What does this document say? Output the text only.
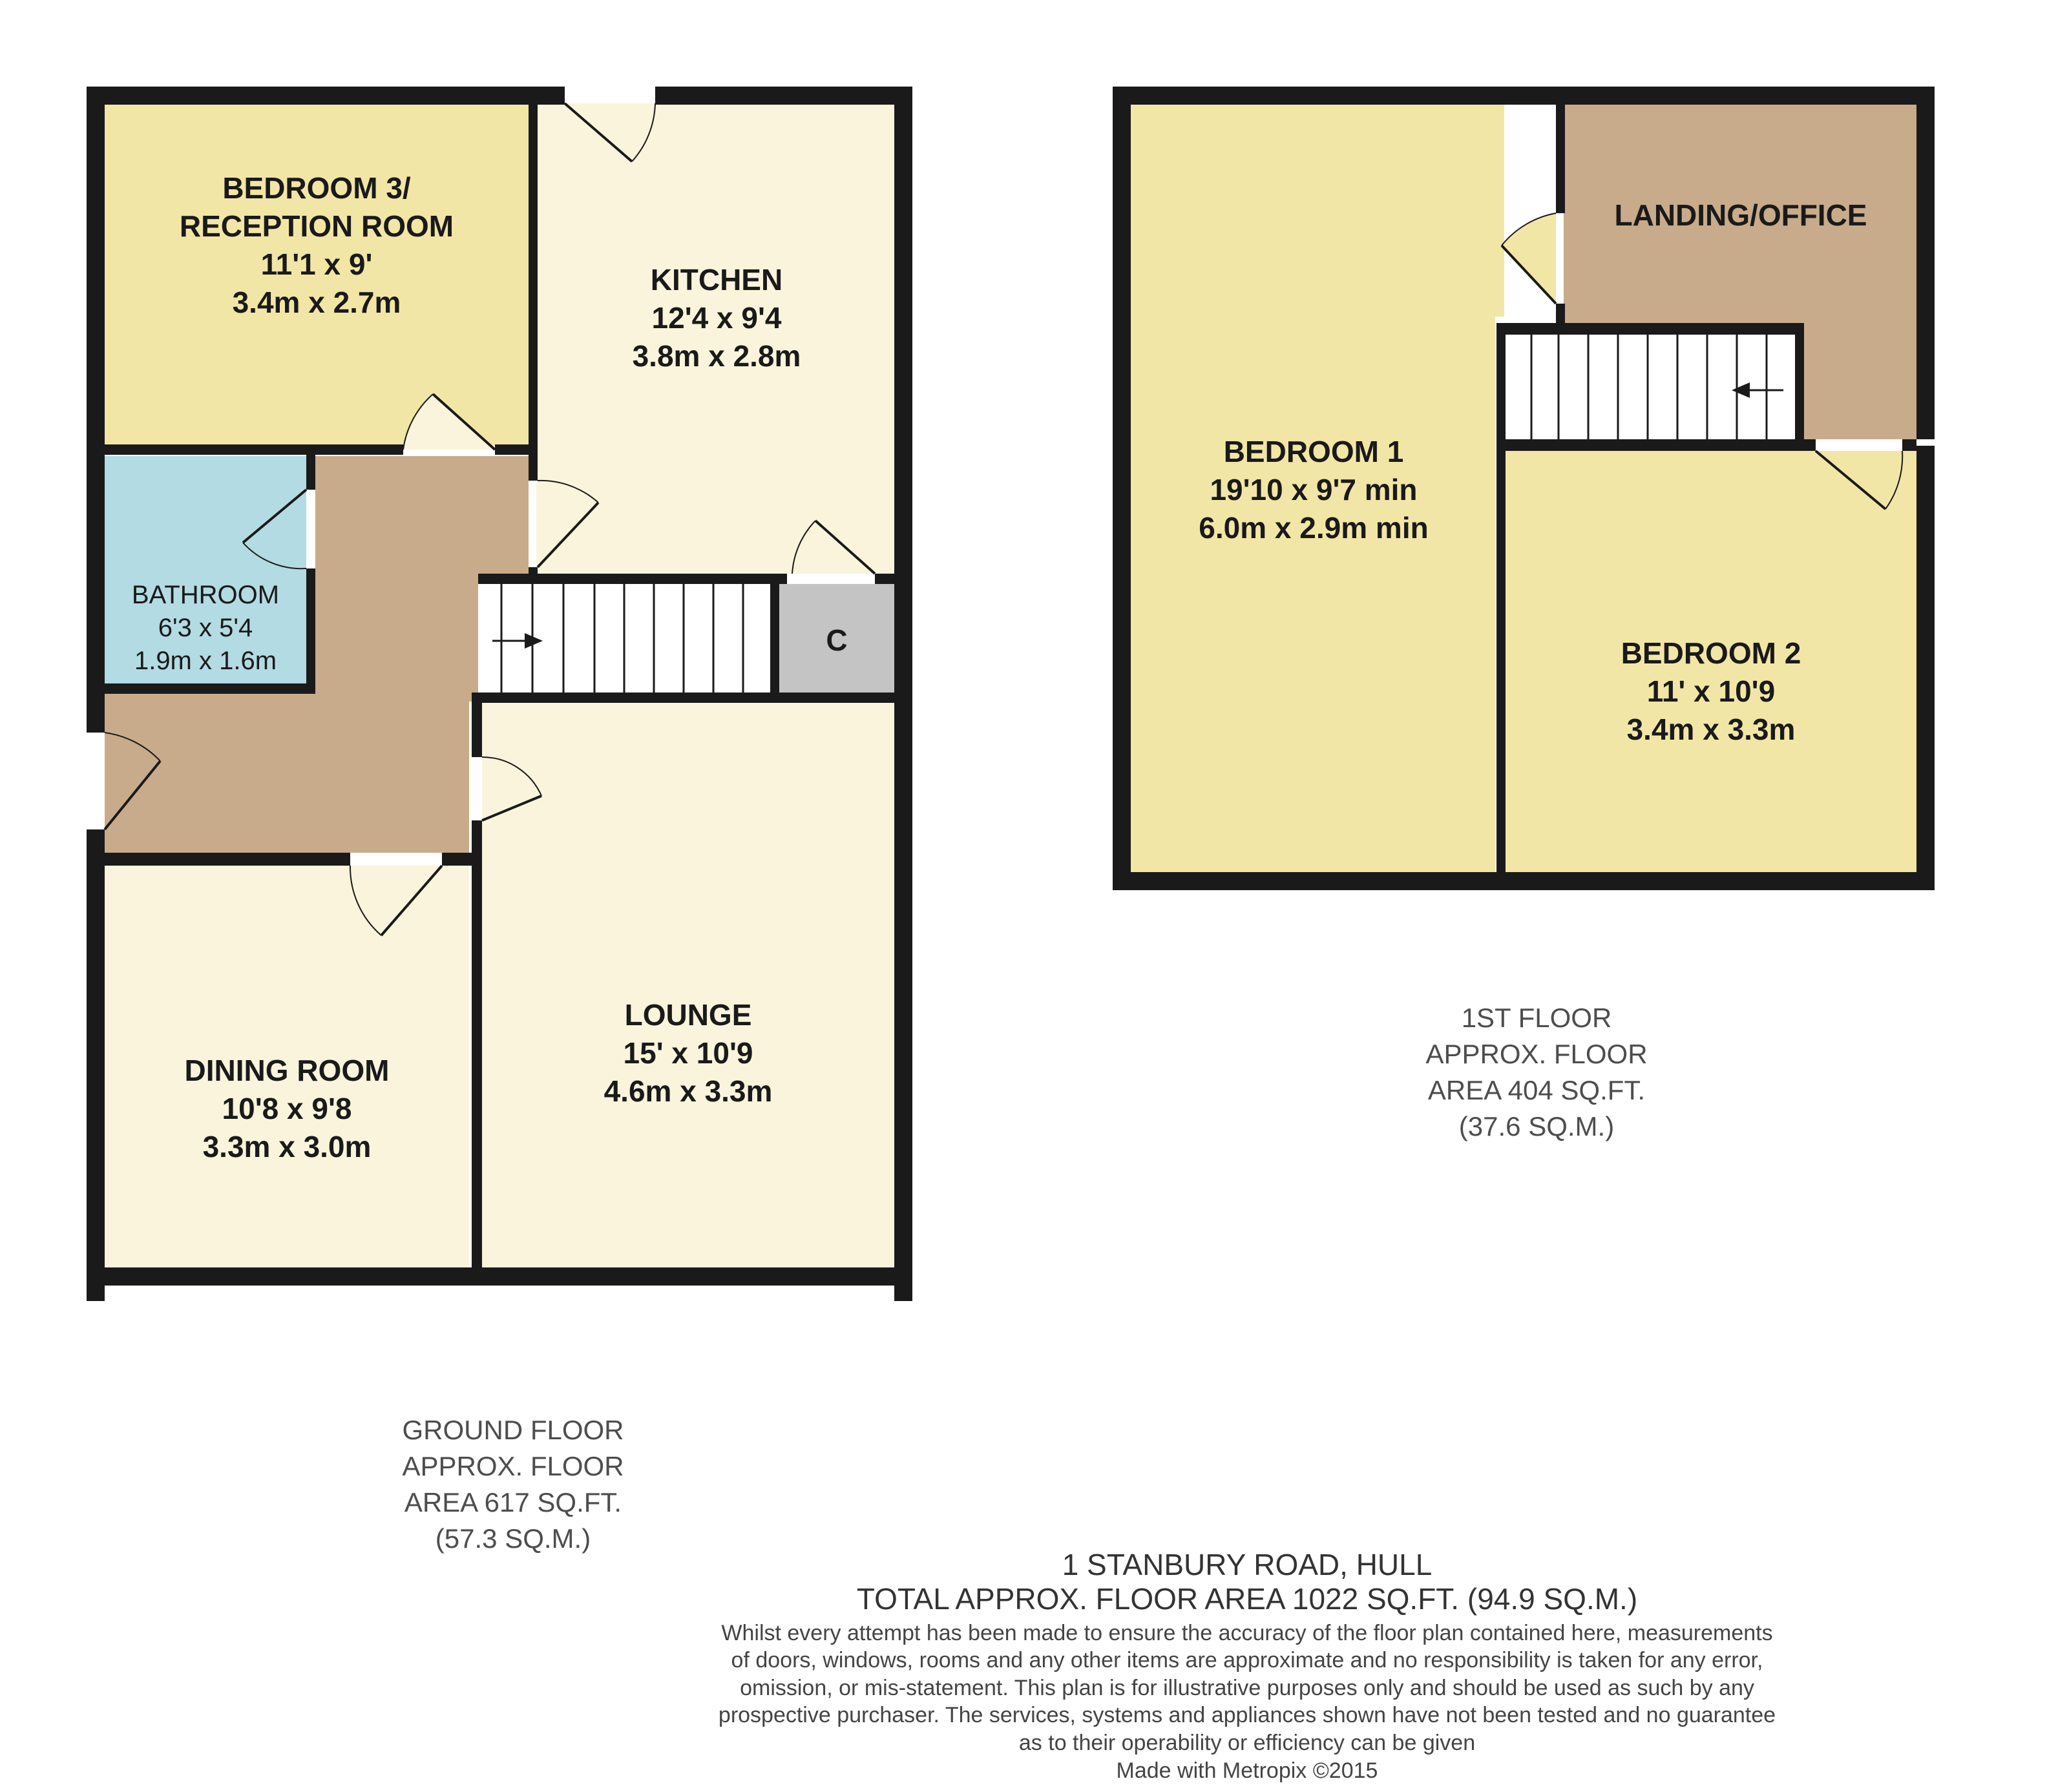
BEDROOM 3/
RECEPTION ROOM
11'1 x 9'
3.4m x 2.7m
KITCHEN
12'4 x 9'4
3.8m x 2.8m
BATHROOM
6'3 x 5'4
1.9m x 1.6m
C
DINING ROOM
10'8 x 9'8
3.3m x 3.0m
LOUNGE
15' x 10'9
4.6m x 3.3m
BEDROOM 1
19'10 x 9'7 min
6.0m x 2.9m min
LANDING/OFFICE
BEDROOM 2
11' x 10'9
3.4m x 3.3m
1ST FLOOR
APPROX. FLOOR
AREA 404 SQ.FT.
(37.6 SQ.M.)
GROUND FLOOR
APPROX. FLOOR
AREA 617 SQ.FT.
(57.3 SQ.M.)
1 STANBURY ROAD, HULL
TOTAL APPROX. FLOOR AREA 1022 SQ.FT. (94.9 SQ.M.)
Whilst every attempt has been made to ensure the accuracy of the floor plan contained here, measurements
of doors, windows, rooms and any other items are approximate and no responsibility is taken for any error,
omission, or mis-statement. This plan is for illustrative purposes only and should be used as such by any
prospective purchaser. The services, systems and appliances shown have not been tested and no guarantee
as to their operability or efficiency can be given
Made with Metropix ©2015
